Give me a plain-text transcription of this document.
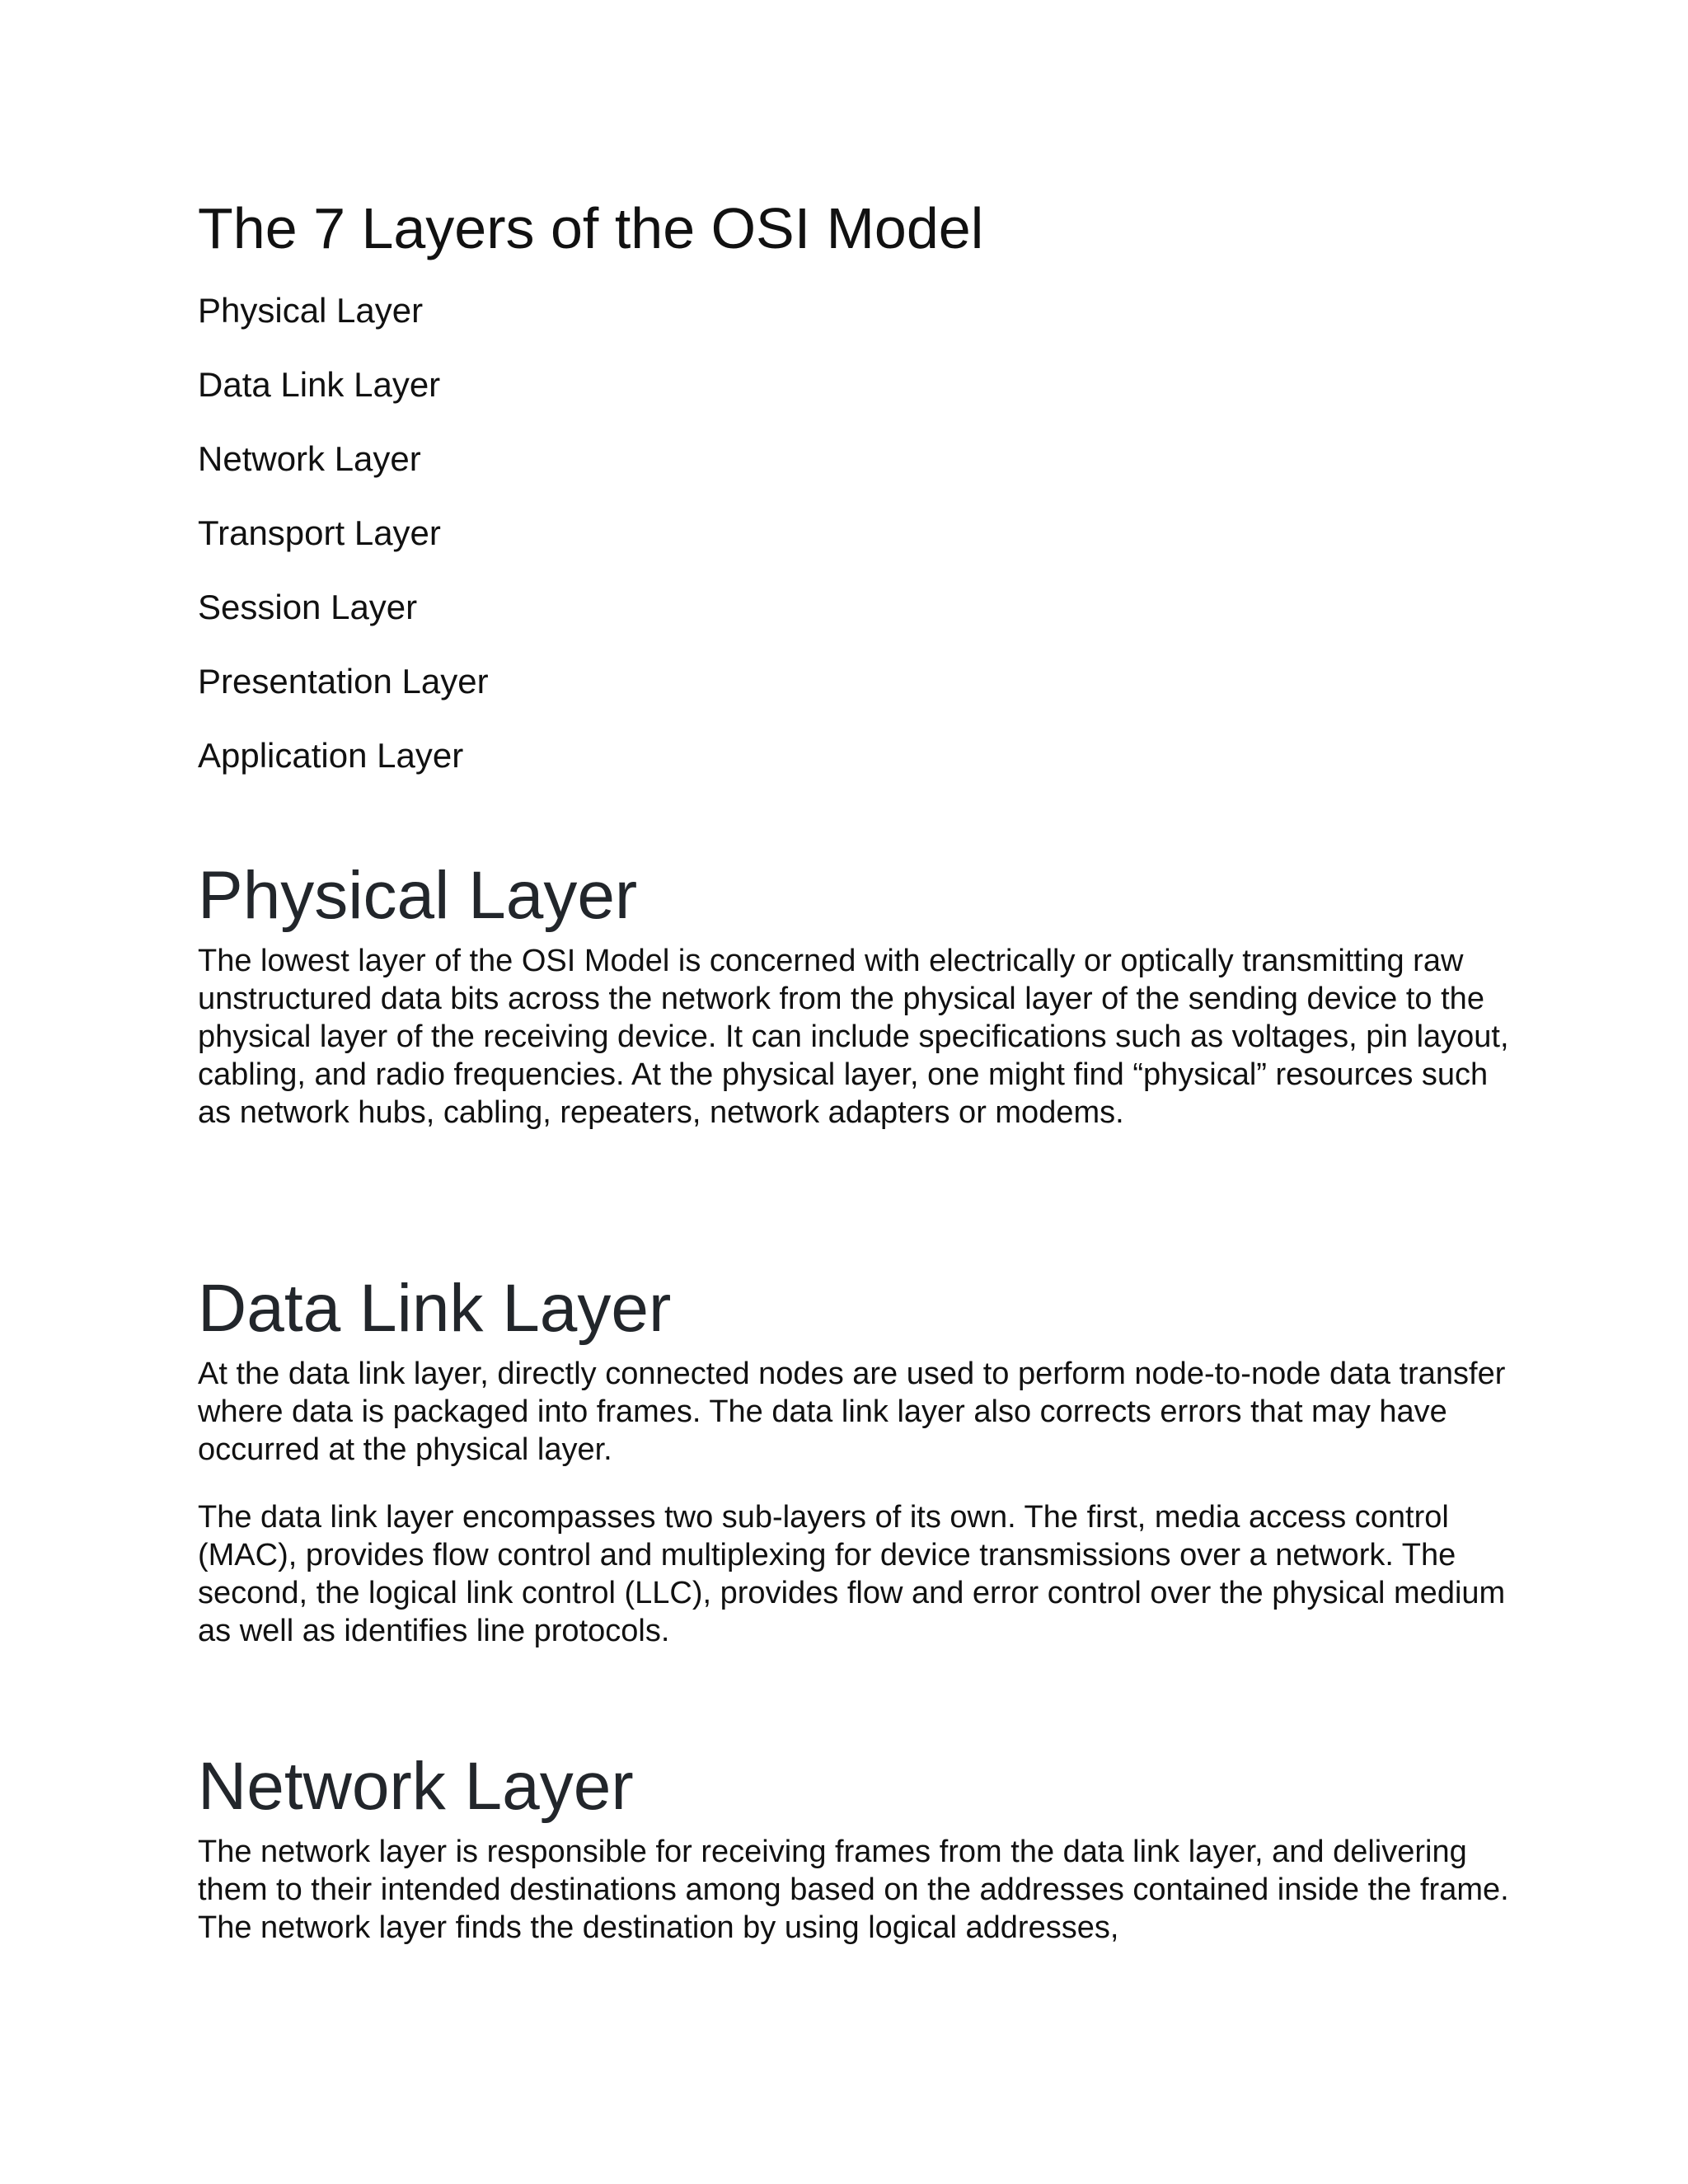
The 7 Layers of the OSI Model
Physical Layer
Data Link Layer
Network Layer
Transport Layer
Session Layer
Presentation Layer
Application Layer
Physical Layer

The lowest layer of the OSI Model is concerned with electrically or optically transmitting raw unstructured data bits across the network from the physical layer of the sending device to the physical layer of the receiving device. It can include specifications such as voltages, pin layout, cabling, and radio frequencies. At the physical layer, one might find “physical” resources such as network hubs, cabling, repeaters, network adapters or modems.

Data Link Layer

At the data link layer, directly connected nodes are used to perform node-to-node data transfer where data is packaged into frames. The data link layer also corrects errors that may have occurred at the physical layer.

The data link layer encompasses two sub-layers of its own. The first, media access control (MAC), provides flow control and multiplexing for device transmissions over a network. The second, the logical link control (LLC), provides flow and error control over the physical medium as well as identifies line protocols.

Network Layer

The network layer is responsible for receiving frames from the data link layer, and delivering them to their intended destinations among based on the addresses contained inside the frame. The network layer finds the destination by using logical addresses,
